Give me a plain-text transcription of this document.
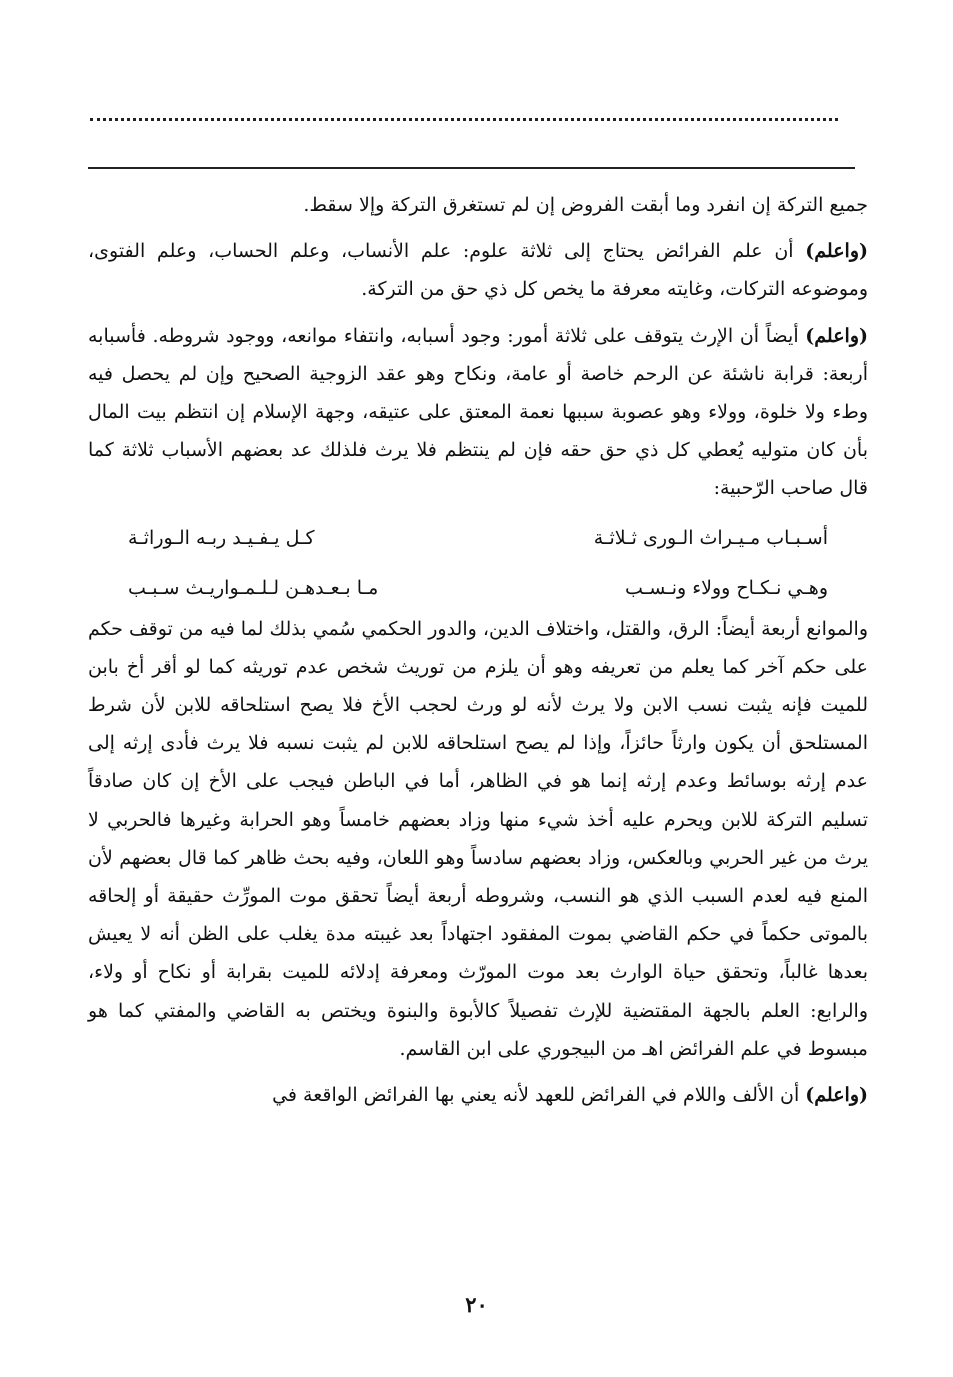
جميع التركة إن انفرد وما أبقت الفروض إن لم تستغرق التركة وإلا سقط.

(واعلم) أن علم الفرائض يحتاج إلى ثلاثة علوم: علم الأنساب، وعلم الحساب، وعلم الفتوى، وموضوعه التركات، وغايته معرفة ما يخص كل ذي حق من التركة.

(واعلم) أيضاً أن الإرث يتوقف على ثلاثة أمور: وجود أسبابه، وانتفاء موانعه، ووجود شروطه. فأسبابه أربعة: قرابة ناشئة عن الرحم خاصة أو عامة، ونكاح وهو عقد الزوجية الصحيح وإن لم يحصل فيه وطء ولا خلوة، وولاء وهو عصوبة سببها نعمة المعتق على عتيقه، وجهة الإسلام إن انتظم بيت المال بأن كان متوليه يُعطي كل ذي حق حقه فإن لم ينتظم فلا يرث فلذلك عد بعضهم الأسباب ثلاثة كما قال صاحب الرّحبية:

أسـبـاب مـيـراث الـورى ثـلاثـة
كـل يـفـيـد ربـه الـوراثـة
وهـي نـكـاح وولاء ونـسـب
مـا بـعـدهـن لـلـمـواريـث سـبـب

والموانع أربعة أيضاً: الرق، والقتل، واختلاف الدين، والدور الحكمي سُمي بذلك لما فيه من توقف حكم على حكم آخر كما يعلم من تعريفه وهو أن يلزم من توريث شخص عدم توريثه كما لو أقر أخ بابن للميت فإنه يثبت نسب الابن ولا يرث لأنه لو ورث لحجب الأخ فلا يصح استلحاقه للابن لأن شرط المستلحق أن يكون وارثاً حائزاً، وإذا لم يصح استلحاقه للابن لم يثبت نسبه فلا يرث فأدى إرثه إلى عدم إرثه بوسائط وعدم إرثه إنما هو في الظاهر، أما في الباطن فيجب على الأخ إن كان صادقاً تسليم التركة للابن ويحرم عليه أخذ شيء منها وزاد بعضهم خامساً وهو الحرابة وغيرها فالحربي لا يرث من غير الحربي وبالعكس، وزاد بعضهم سادساً وهو اللعان، وفيه بحث ظاهر كما قال بعضهم لأن المنع فيه لعدم السبب الذي هو النسب، وشروطه أربعة أيضاً تحقق موت المورِّث حقيقة أو إلحاقه بالموتى حكماً في حكم القاضي بموت المفقود اجتهاداً بعد غيبته مدة يغلب على الظن أنه لا يعيش بعدها غالباً، وتحقق حياة الوارث بعد موت المورّث ومعرفة إدلائه للميت بقرابة أو نكاح أو ولاء، والرابع: العلم بالجهة المقتضية للإرث تفصيلاً كالأبوة والبنوة ويختص به القاضي والمفتي كما هو مبسوط في علم الفرائض اهـ من البيجوري على ابن القاسم.

(واعلم) أن الألف واللام في الفرائض للعهد لأنه يعني بها الفرائض الواقعة في

٢٠
